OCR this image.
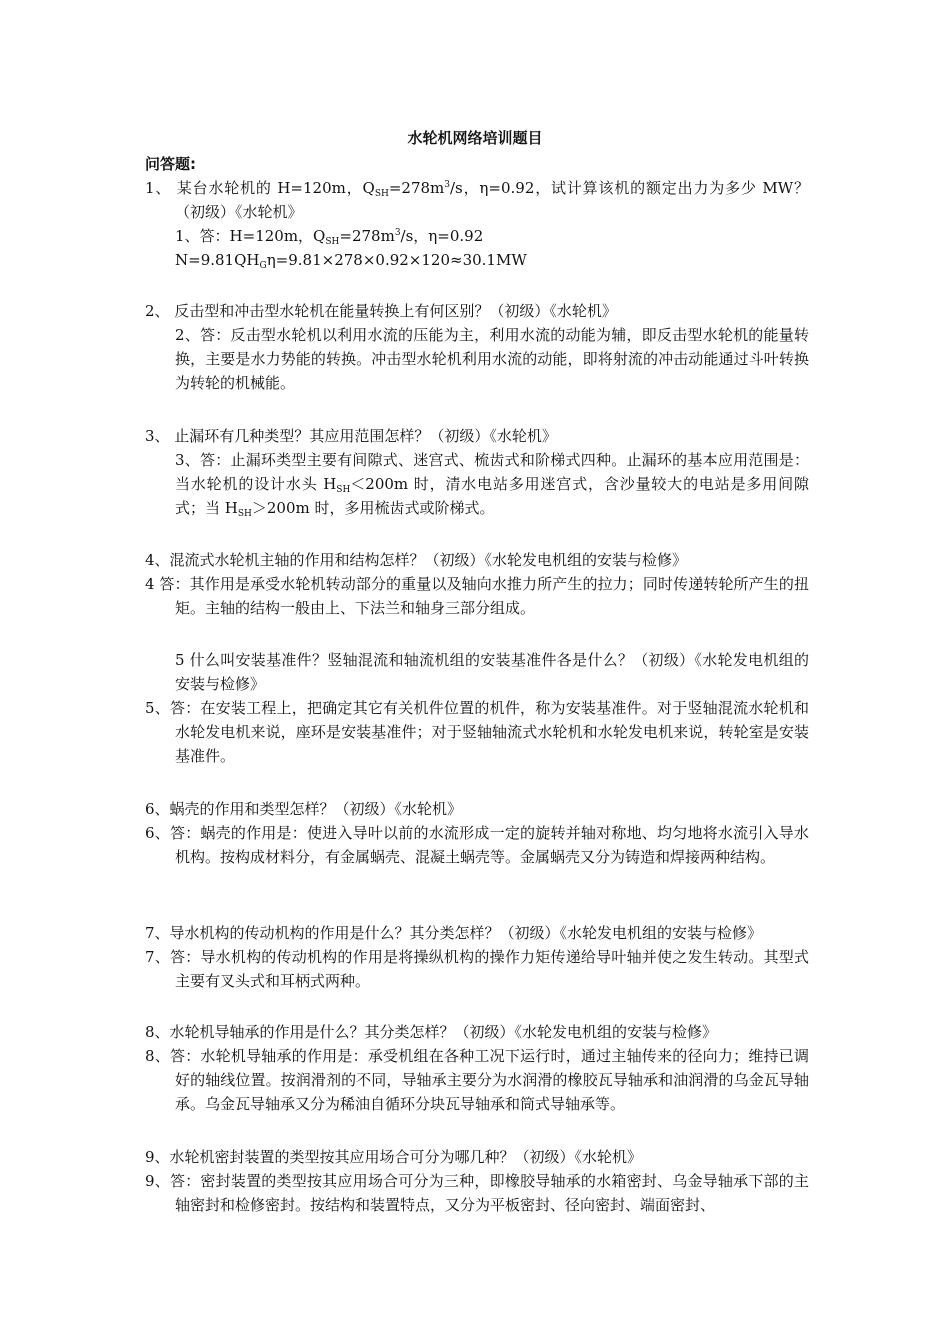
水轮机网络培训题目
问答题:
1、 某台水轮机的 H=120m，$Q_{SH}=278m^3/s$，η=0.92，试计算该机的额定出力为多少 MW？（初级）《水轮机》
1、答：H=120m，$Q_{SH}=278m^3/s$，η=0.92
$N=9.81QH_G\eta=9.81\times 278\times 0.92\times 120\approx 30.1MW$
2、 反击型和冲击型水轮机在能量转换上有何区别？（初级）《水轮机》
2、答：反击型水轮机以利用水流的压能为主，利用水流的动能为辅，即反击型水轮机的能量转换，主要是水力势能的转换。冲击型水轮机利用水流的动能，即将射流的冲击动能通过斗叶转换为转轮的机械能。
3、 止漏环有几种类型？其应用范围怎样？（初级）《水轮机》
3、答：止漏环类型主要有间隙式、迷宫式、梳齿式和阶梯式四种。止漏环的基本应用范围是：当水轮机的设计水头 $H_{SH}<200m$ 时，清水电站多用迷宫式，含沙量较大的电站是多用间隙式；当 $H_{SH}>200m$ 时，多用梳齿式或阶梯式。
4、混流式水轮机主轴的作用和结构怎样？（初级）《水轮发电机组的安装与检修》
4 答：其作用是承受水轮机转动部分的重量以及轴向水推力所产生的拉力；同时传递转轮所产生的扭矩。主轴的结构一般由上、下法兰和轴身三部分组成。
5 什么叫安装基准件？竖轴混流和轴流机组的安装基准件各是什么？（初级）《水轮发电机组的安装与检修》
5、答：在安装工程上，把确定其它有关机件位置的机件，称为安装基准件。对于竖轴混流水轮机和水轮发电机来说，座环是安装基准件；对于竖轴轴流式水轮机和水轮发电机来说，转轮室是安装基准件。
6、蜗壳的作用和类型怎样？（初级）《水轮机》
6、答：蜗壳的作用是：使进入导叶以前的水流形成一定的旋转并轴对称地、均匀地将水流引入导水机构。按构成材料分，有金属蜗壳、混凝土蜗壳等。金属蜗壳又分为铸造和焊接两种结构。
7、导水机构的传动机构的作用是什么？其分类怎样？（初级）《水轮发电机组的安装与检修》
7、答：导水机构的传动机构的作用是将操纵机构的操作力矩传递给导叶轴并使之发生转动。其型式主要有叉头式和耳柄式两种。
8、水轮机导轴承的作用是什么？其分类怎样？（初级）《水轮发电机组的安装与检修》
8、答：水轮机导轴承的作用是：承受机组在各种工况下运行时，通过主轴传来的径向力；维持已调好的轴线位置。按润滑剂的不同，导轴承主要分为水润滑的橡胶瓦导轴承和油润滑的乌金瓦导轴承。乌金瓦导轴承又分为稀油自循环分块瓦导轴承和筒式导轴承等。
9、水轮机密封装置的类型按其应用场合可分为哪几种？（初级）《水轮机》
9、答：密封装置的类型按其应用场合可分为三种，即橡胶导轴承的水箱密封、乌金导轴承下部的主轴密封和检修密封。按结构和装置特点，又分为平板密封、径向密封、端面密封、
